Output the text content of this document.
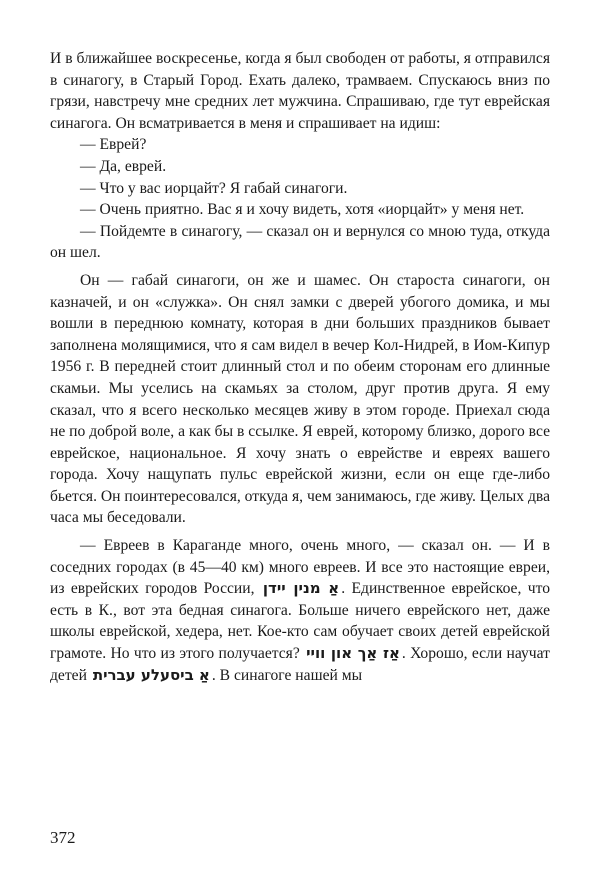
И в ближайшее воскресенье, когда я был свободен от работы, я отправился в синагогу, в Старый Город. Ехать далеко, трамваем. Спускаюсь вниз по грязи, навстречу мне средних лет мужчина. Спрашиваю, где тут еврейская синагога. Он всматривается в меня и спрашивает на идиш:

— Еврей?

— Да, еврей.

— Что у вас иорцайт? Я габай синагоги.

— Очень приятно. Вас я и хочу видеть, хотя «иорцайт» у меня нет.

— Пойдемте в синагогу, — сказал он и вернулся со мною туда, откуда он шел.

Он — габай синагоги, он же и шамес. Он староста синагоги, он казначей, и он «служка». Он снял замки с дверей убогого домика, и мы вошли в переднюю комнату, которая в дни больших праздников бывает заполнена молящимися, что я сам видел в вечер Кол-Нидрей, в Иом-Кипур 1956 г. В передней стоит длинный стол и по обеим сторонам его длинные скамьи. Мы уселись на скамьях за столом, друг против друга. Я ему сказал, что я всего несколько месяцев живу в этом городе. Приехал сюда не по доброй воле, а как бы в ссылке. Я еврей, которому близко, дорого все еврейское, национальное. Я хочу знать о еврействе и евреях вашего города. Хочу нащупать пульс еврейской жизни, если он еще где-либо бьется. Он поинтересовался, откуда я, чем занимаюсь, где живу. Целых два часа мы беседовали.

— Евреев в Караганде много, очень много, — сказал он. — И в соседних городах (в 45—40 км) много евреев. И все это настоящие евреи, из еврейских городов России, אַ מנין יידן . Единственное еврейское, что есть в К., вот эта бедная синагога. Больше ничего еврейского нет, даже школы еврейской, хедера, нет. Кое-кто сам обучает своих детей еврейской грамоте. Но что из этого получается? אַז אַך און וויי . Хорошо, если научат детей אַ ביסעלע עברית . В синагоге нашей мы

372
